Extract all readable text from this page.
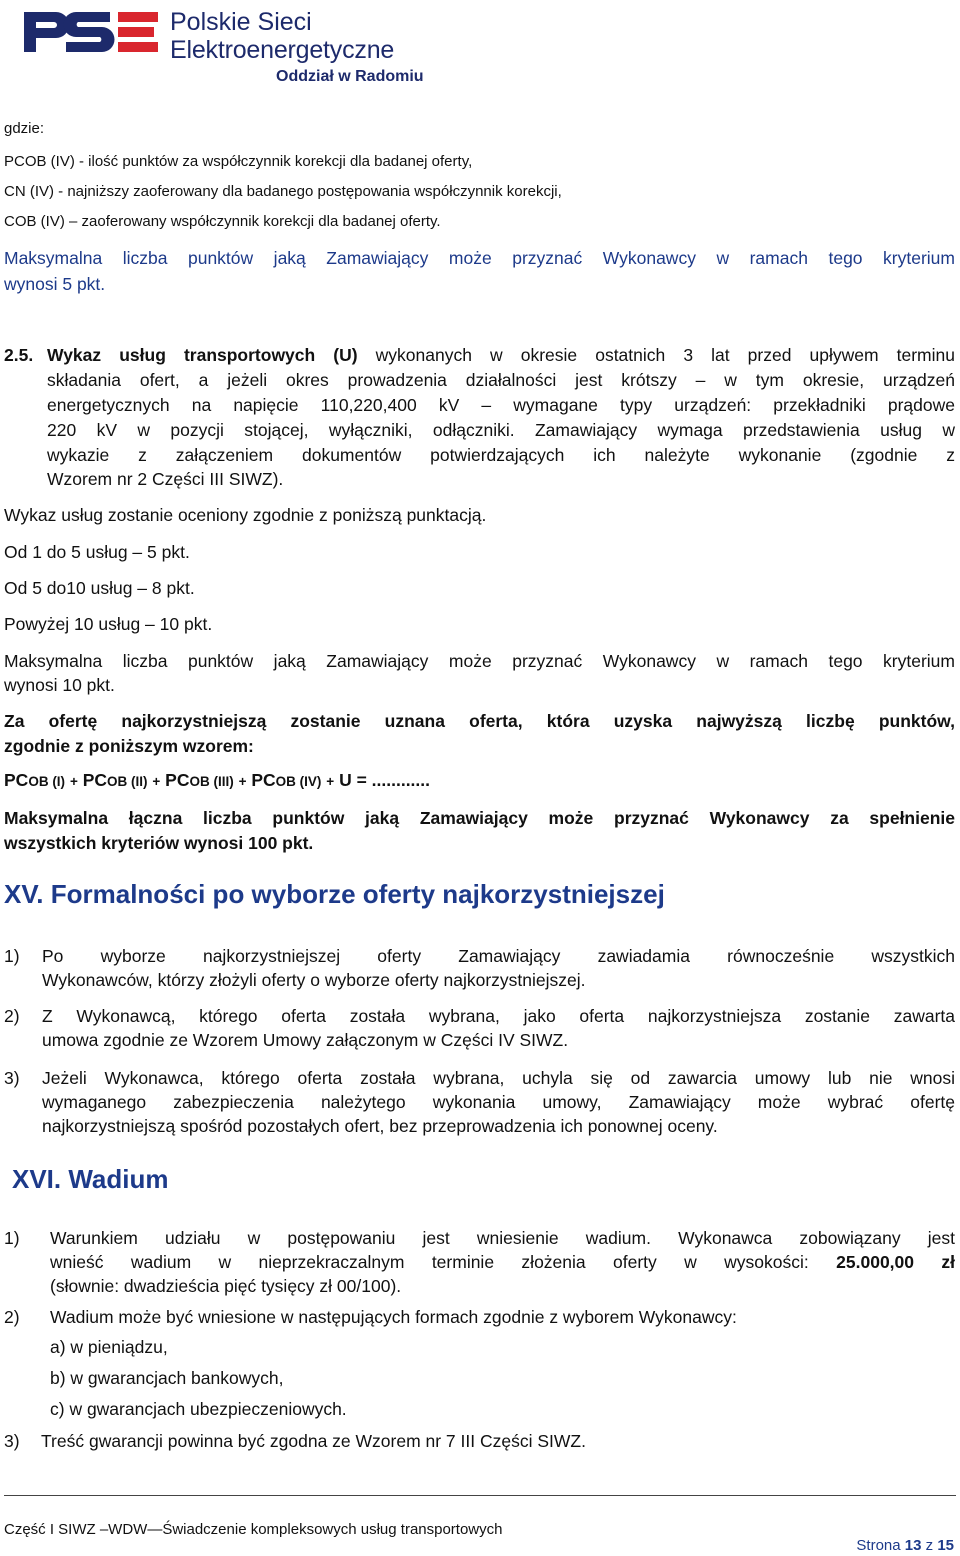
Polskie Sieci
Elektroenergetyczne
Oddział w Radomiu
gdzie:
PCOB (IV) - ilość punktów za współczynnik korekcji dla badanej oferty,
CN (IV) - najniższy zaoferowany dla badanego postępowania współczynnik korekcji,
COB (IV) – zaoferowany współczynnik korekcji dla badanej oferty.
Maksymalna liczba punktów jaką Zamawiający może przyznać Wykonawcy w ramach tego kryterium
wynosi 5 pkt.
2.5. Wykaz usług transportowych (U) wykonanych w okresie ostatnich 3 lat przed upływem terminu
składania ofert, a jeżeli okres prowadzenia działalności jest krótszy – w tym okresie, urządzeń
energetycznych na napięcie 110,220,400 kV – wymagane typy urządzeń: przekładniki prądowe
220 kV w pozycji stojącej, wyłączniki, odłączniki. Zamawiający wymaga przedstawienia usług w
wykazie z załączeniem dokumentów potwierdzających ich należyte wykonanie (zgodnie z
Wzorem nr 2 Części III SIWZ).
Wykaz usług zostanie oceniony zgodnie z poniższą punktacją.
Od 1 do 5 usług – 5 pkt.
Od 5 do10 usług – 8 pkt.
Powyżej 10 usług – 10 pkt.
Maksymalna liczba punktów jaką Zamawiający może przyznać Wykonawcy w ramach tego kryterium
wynosi 10 pkt.
Za ofertę najkorzystniejszą zostanie uznana oferta, która uzyska najwyższą liczbę punktów,
zgodnie z poniższym wzorem:
PCOB (I) + PCOB (II) + PCOB (III) + PCOB (IV) + U = ............
Maksymalna łączna liczba punktów jaką Zamawiający może przyznać Wykonawcy za spełnienie
wszystkich kryteriów wynosi 100 pkt.
XV. Formalności po wyborze oferty najkorzystniejszej
1) Po wyborze najkorzystniejszej oferty Zamawiający zawiadamia równocześnie wszystkich
Wykonawców, którzy złożyli oferty o wyborze oferty najkorzystniejszej.
2) Z Wykonawcą, którego oferta została wybrana, jako oferta najkorzystniejsza zostanie zawarta
umowa zgodnie ze Wzorem Umowy załączonym w Części IV SIWZ.
3) Jeżeli Wykonawca, którego oferta została wybrana, uchyla się od zawarcia umowy lub nie wnosi
wymaganego zabezpieczenia należytego wykonania umowy, Zamawiający może wybrać ofertę
najkorzystniejszą spośród pozostałych ofert, bez przeprowadzenia ich ponownej oceny.
XVI. Wadium
1) Warunkiem udziału w postępowaniu jest wniesienie wadium. Wykonawca zobowiązany jest
wnieść wadium w nieprzekraczalnym terminie złożenia oferty w wysokości: 25.000,00 zł
(słownie: dwadzieścia pięć tysięcy zł 00/100).
2) Wadium może być wniesione w następujących formach zgodnie z wyborem Wykonawcy:
a) w pieniądzu,
b) w gwarancjach bankowych,
c) w gwarancjach ubezpieczeniowych.
3) Treść gwarancji powinna być zgodna ze Wzorem nr 7 III Części SIWZ.
Część I SIWZ –WDW—Świadczenie kompleksowych usług transportowych
Strona 13 z 15
